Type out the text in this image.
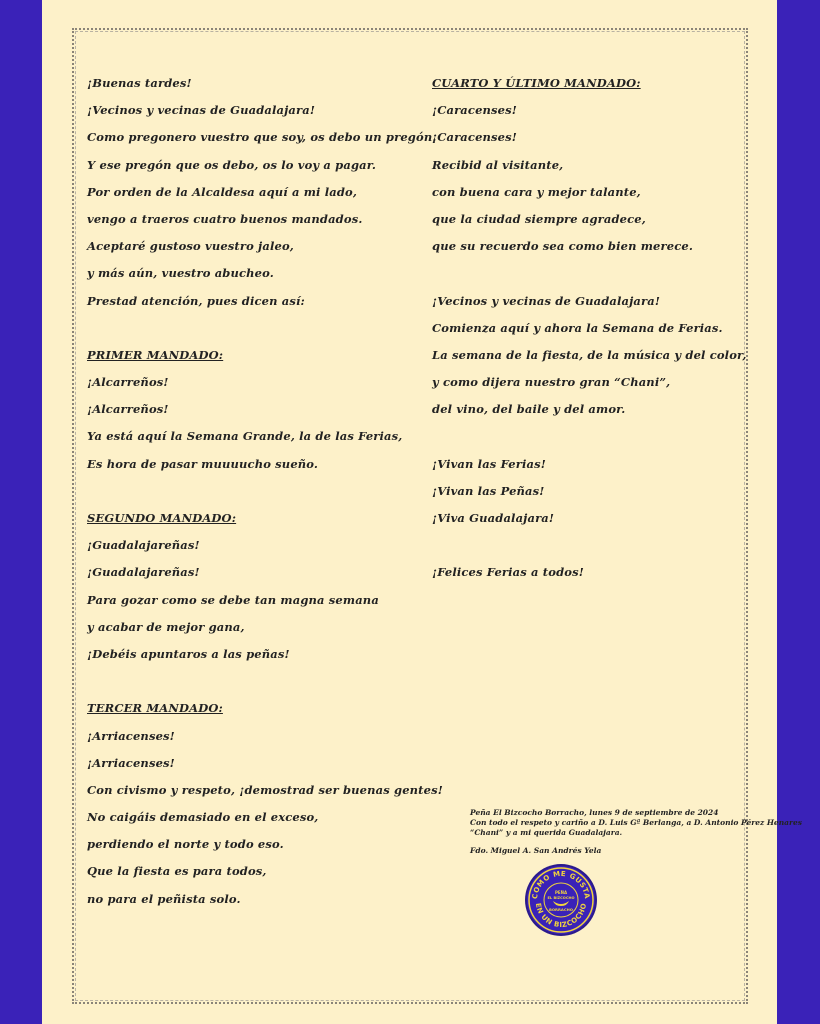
¡Buenas tardes!
¡Vecinos y vecinas de Guadalajara!
Como pregonero vuestro que soy, os debo un pregón.
Y ese pregón que os debo, os lo voy a pagar.
Por orden de la Alcaldesa aquí a mi lado,
vengo a traeros cuatro buenos mandados.
Aceptaré gustoso vuestro jaleo,
y más aún, vuestro abucheo.
Prestad atención, pues dicen así:
PRIMER MANDADO:
¡Alcarreños!
¡Alcarreños!
Ya está aquí la Semana Grande, la de las Ferias,
Es hora de pasar muuuucho sueño.
SEGUNDO MANDADO:
¡Guadalajareñas!
¡Guadalajareñas!
Para gozar como se debe tan magna semana
y acabar de mejor gana,
¡Debéis apuntaros a las peñas!
TERCER MANDADO:
¡Arriacenses!
¡Arriacenses!
Con civismo y respeto, ¡demostrad ser buenas gentes!
No caigáis demasiado en el exceso,
perdiendo el norte y todo eso.
Que la fiesta es para todos,
no para el peñista solo.
CUARTO Y ÚLTIMO MANDADO:
¡Caracenses!
¡Caracenses!
Recibid al visitante,
con buena cara y mejor talante,
que la ciudad siempre agradece,
que su recuerdo sea como bien merece.
¡Vecinos y vecinas de Guadalajara!
Comienza aquí y ahora la Semana de Ferias.
La semana de la fiesta, de la música y del color,
y como dijera nuestro gran “Chani”,
del vino, del baile y del amor.
¡Vivan las Ferias!
¡Vivan las Peñas!
¡Viva Guadalajara!
¡Felices Ferias a todos!
Peña El Bizcocho Borracho, lunes 9 de septiembre de 2024
Con todo el respeto y cariño a D. Luis Gª Berlanga, a D. Antonio Pérez Henares
“Chani” y a mi querida Guadalajara.
Fdo. Miguel A. San Andrés Yela
COMO ME GUSTA
EN UN BIZCOCHO
PEÑA
EL BIZCOCHO
BORRACHO
